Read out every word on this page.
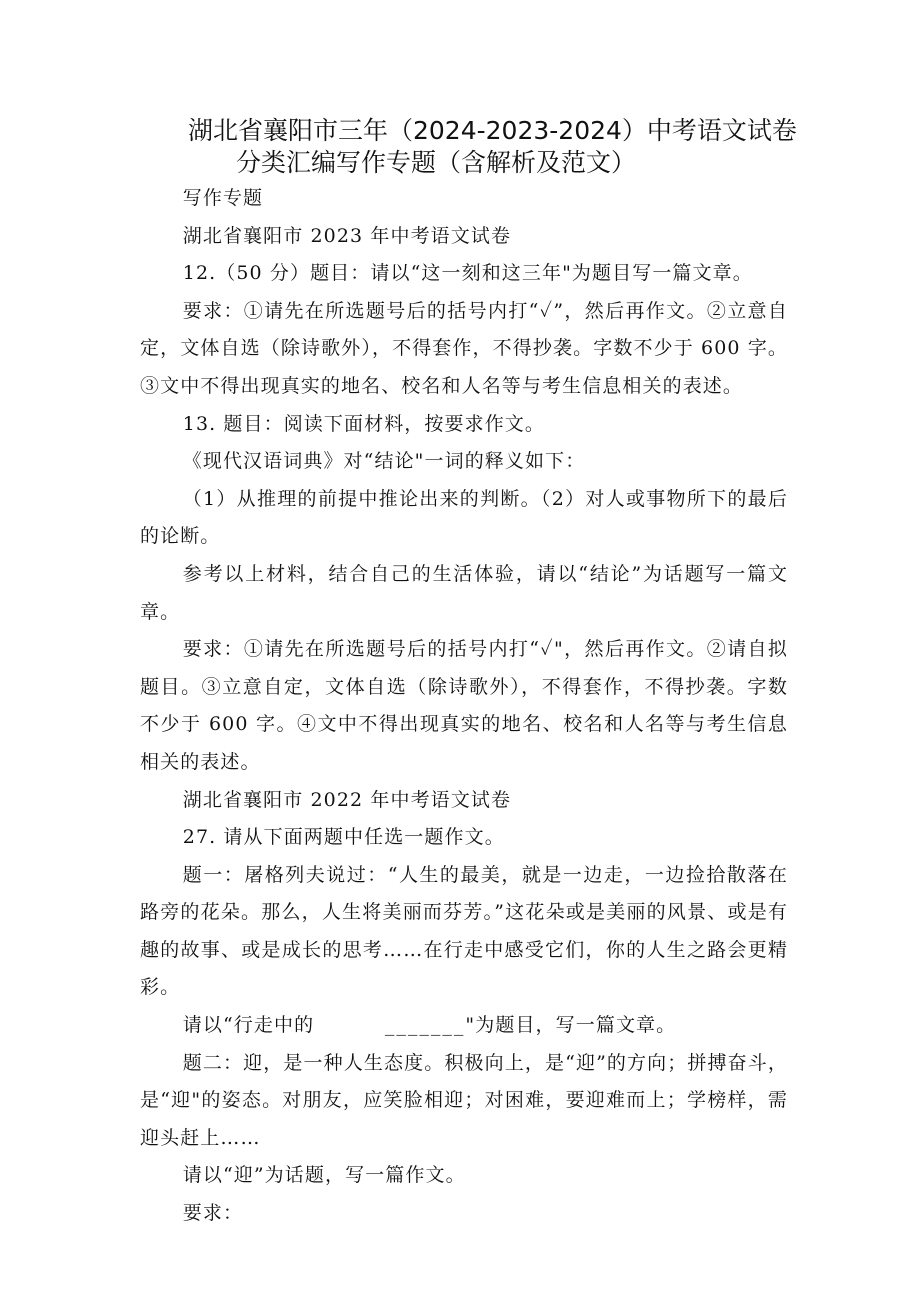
湖北省襄阳市三年（2024-2023-2024）中考语文试卷
分类汇编写作专题（含解析及范文）

写作专题

湖北省襄阳市 2023 年中考语文试卷

12.（50 分）题目：请以“这一刻和这三年"为题目写一篇文章。

要求：①请先在所选题号后的括号内打“✓”，然后再作文。②立意自定，文体自选（除诗歌外），不得套作，不得抄袭。字数不少于 600 字。③文中不得出现真实的地名、校名和人名等与考生信息相关的表述。

13. 题目：阅读下面材料，按要求作文。

《现代汉语词典》对“结论"一词的释义如下：

（1）从推理的前提中推论出来的判断。（2）对人或事物所下的最后的论断。

参考以上材料，结合自己的生活体验，请以“结论”为话题写一篇文章。

要求：①请先在所选题号后的括号内打“✓"，然后再作文。②请自拟题目。③立意自定，文体自选（除诗歌外），不得套作，不得抄袭。字数不少于 600 字。④文中不得出现真实的地名、校名和人名等与考生信息相关的表述。

湖北省襄阳市 2022 年中考语文试卷

27. 请从下面两题中任选一题作文。

题一：屠格列夫说过：“人生的最美，就是一边走，一边捡拾散落在路旁的花朵。那么，人生将美丽而芬芳。”这花朵或是美丽的风景、或是有趣的故事、或是成长的思考……在行走中感受它们，你的人生之路会更精彩。

请以“行走中的	_______"为题目，写一篇文章。

题二：迎，是一种人生态度。积极向上，是“迎”的方向；拼搏奋斗，是“迎"的姿态。对朋友，应笑脸相迎；对困难，要迎难而上；学榜样，需迎头赶上……

请以“迎”为话题，写一篇作文。

要求：
